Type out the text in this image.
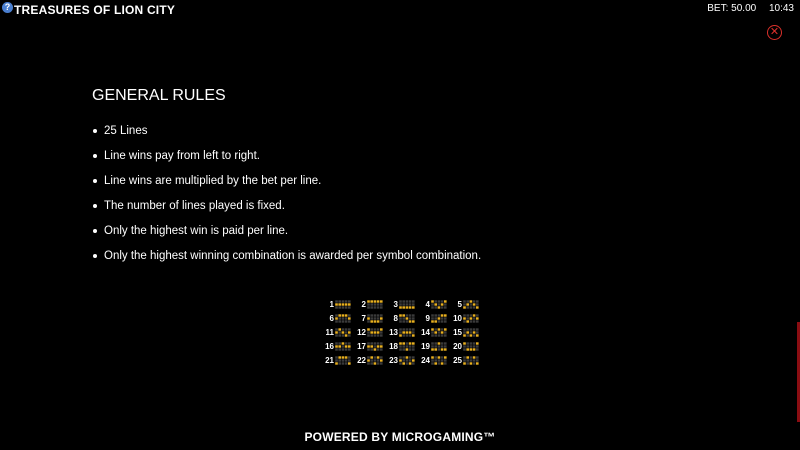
? TREASURES OF LION CITY	BET: 50.00 10:43
✕
GENERAL RULES
25 Lines
Line wins pay from left to right.
Line wins are multiplied by the bet per line.
The number of lines played is fixed.
Only the highest win is paid per line.
Only the highest winning combination is awarded per symbol combination.
1	2	3	4	5
6	7	8	9	10
11	12	13	14	15
16	17	18	19	20
21	22	23	24	25
POWERED BY MICROGAMING™
